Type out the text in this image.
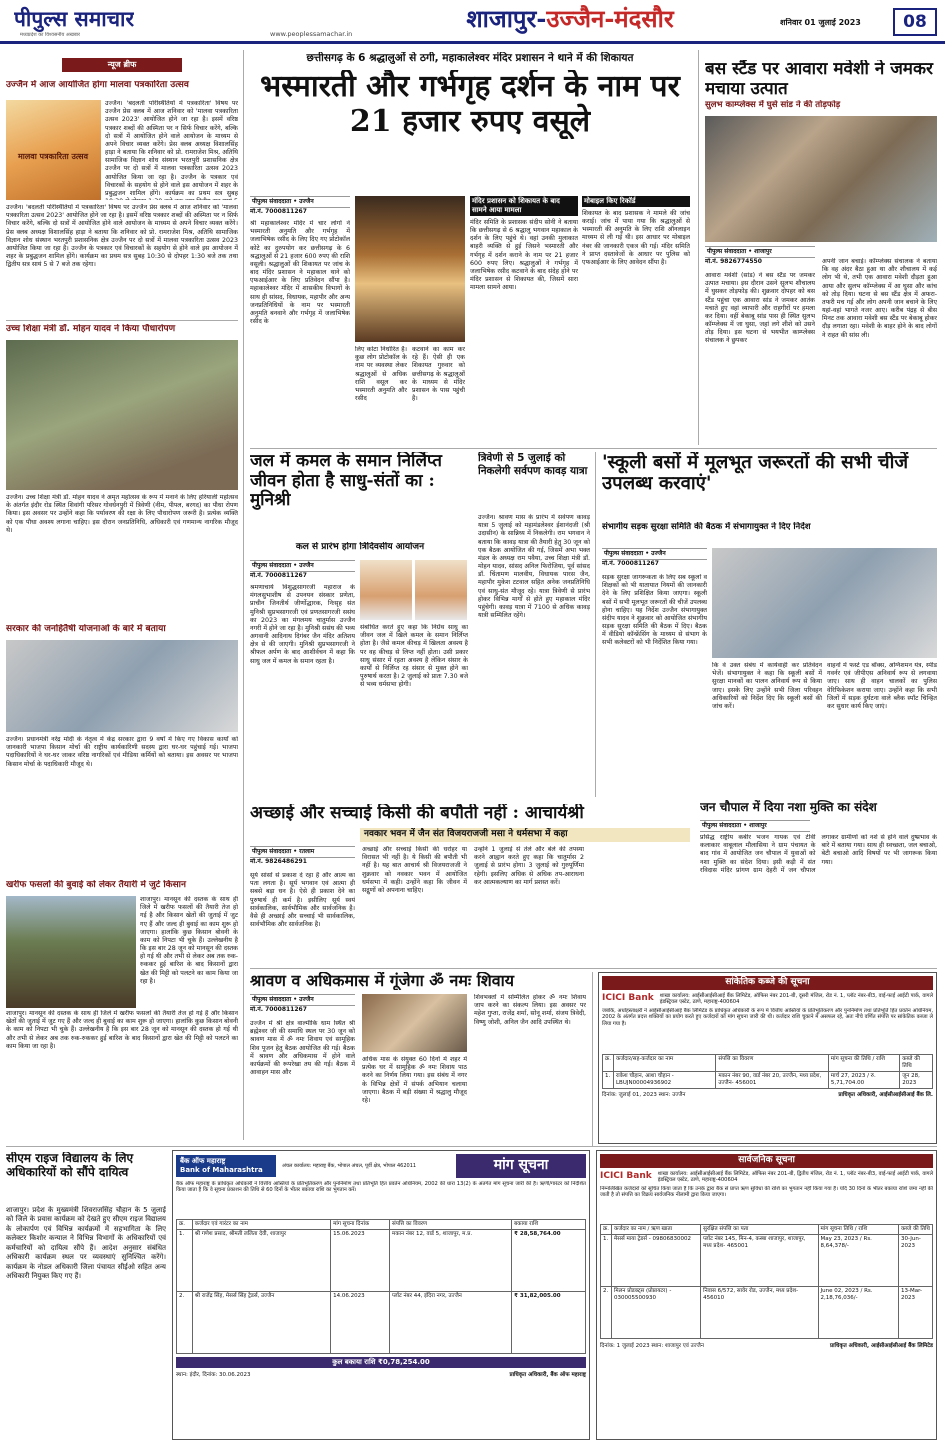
पीपुल्स समाचार
मध्यप्रदेश का विश्वसनीय अखबार	www.peoplessamachar.in
शाजापुर-उज्जैन-मंदसौर	शनिवार 01 जुलाई 2023	08
न्यूज ब्रीफ
उज्जैन में आज आयोजित होगा मालवा पत्रकारिता उत्सव
मालवा पत्रकारिता उत्सव
उज्जैन। 'बदलती परिस्थितियों में पत्रकारिता' विषय पर उज्जैन प्रेस क्लब में आज शनिवार को 'मालवा पत्रकारिता उत्सव 2023' आयोजित होने जा रहा है। इसमें वरिष्ठ पत्रकार शब्दों की अस्मिता पर न सिर्फ विचार करेंगे, बल्कि दो सत्रों में आयोजित होने वाले आयोजन के माध्यम से अपने विचार व्यक्त करेंगे। प्रेस क्लब अध्यक्ष विशालसिंह हाड़ा ने बताया कि शनिवार को प्रो. रामराजेश मिश्र, अतिथि सामाजिक विज्ञान शोध संस्थान भरतपुरी प्रशासनिक क्षेत्र उज्जैन पर दो सत्रों में मालवा पत्रकारिता उत्सव 2023 आयोजित किया जा रहा है। उज्जैन के पत्रकार एवं विचारकों के सहयोग से होने वाले इस आयोजन में शहर के प्रबुद्धजन शामिल होंगे। कार्यक्रम का प्रथम सत्र सुबह
उज्जैन। 'बदलती परिस्थितियों में पत्रकारिता' विषय पर उज्जैन प्रेस क्लब में आज शनिवार को 'मालवा पत्रकारिता उत्सव 2023' आयोजित होने जा रहा है। इसमें वरिष्ठ पत्रकार शब्दों की अस्मिता पर न सिर्फ विचार करेंगे, बल्कि दो सत्रों में आयोजित होने वाले आयोजन के माध्यम से अपने विचार व्यक्त करेंगे। प्रेस क्लब अध्यक्ष विशालसिंह हाड़ा ने बताया कि शनिवार को प्रो. रामराजेश मिश्र, अतिथि सामाजिक विज्ञान शोध संस्थान भरतपुरी प्रशासनिक क्षेत्र उज्जैन पर दो सत्रों में मालवा पत्रकारिता उत्सव 2023 आयोजित किया जा रहा है। उज्जैन के पत्रकार एवं विचारकों के सहयोग से होने वाले इस आयोजन में शहर के प्रबुद्धजन शामिल होंगे। कार्यक्रम का प्रथम सत्र सुबह 10:30 से दोपहर 1:30 बजे तक तथा द्वितीय सत्र सायं 5 से 7 बजे तक रहेगा।
उच्च शिक्षा मंत्री डॉ. मोहन यादव ने किया पौधारोपण
उज्जैन। उच्च शिक्षा मंत्री डॉ. मोहन यादव ने अमृत महोत्सव के रूप में मनाने के लिए हरियाली महोत्सव के अंतर्गत इंदौर रोड स्थित शिवांगी परिसर गोवर्धनपुरी में त्रिवेणी (नीम, पीपल, बरगद) का पौधा रोपण किया। इस अवसर पर उन्होंने कहा कि पर्यावरण की रक्षा के लिए पौधारोपण जरूरी है। प्रत्येक व्यक्ति को एक पौधा अवश्य लगाना चाहिए। इस दौरान जनप्रतिनिधि, अधिकारी एवं गणमान्य नागरिक मौजूद थे।
सरकार की जनहितैषी योजनाओं के बारे में बताया
उज्जैन। प्रधानमंत्री नरेंद्र मोदी के नेतृत्व में केंद्र सरकार द्वारा 9 वर्षों में किए गए विकास कार्यों को जानकारी भाजपा किसान मोर्चा की राष्ट्रीय कार्यकारिणी सदस्य द्वारा घर-घर पहुंचाई गई। भाजपा पदाधिकारियों ने घर-घर जाकर वरिष्ठ नागरिकों एवं मीडिया कर्मियों को बताया। इस अवसर पर भाजपा किसान मोर्चा के पदाधिकारी मौजूद थे।
खरीफ फसलों की बुवाई को लेकर तैयारी में जुटे किसान
शाजापुर। मानसून की दस्तक के साथ ही जिले में खरीफ फसलों की तैयारी तेज हो गई है और किसान खेतों की जुताई में जुट गए हैं और जल्द ही बुवाई का काम शुरू हो जाएगा। हालांकि कुछ किसान बोवनी के काम को निपटा भी चुके हैं। उल्लेखनीय है कि इस बार 28 जून को मानसून की दस्तक हो गई थी और तभी से लेकर अब तक रुक-रुककर हुई बारिश के बाद किसानों द्वारा खेत की मिट्टी को पलटने का काम किया जा रहा है।
शाजापुर। मानसून की दस्तक के साथ ही जिले में खरीफ फसलों की तैयारी तेज हो गई है और किसान खेतों की जुताई में जुट गए हैं और जल्द ही बुवाई का काम शुरू हो जाएगा। हालांकि कुछ किसान बोवनी के काम को निपटा भी चुके हैं। उल्लेखनीय है कि इस बार 28 जून को मानसून की दस्तक हो गई थी और तभी से लेकर अब तक रुक-रुककर हुई बारिश के बाद किसानों द्वारा खेत की मिट्टी को पलटने का काम किया जा रहा है।
छत्तीसगढ़ के 6 श्रद्धालुओं से ठगी, महाकालेश्वर मंदिर प्रशासन ने थाने में की शिकायत
भस्मारती और गर्भगृह दर्शन के नाम पर 21 हजार रुपए वसूले
पीपुल्स संवाददाता • उज्जैन
मो.नं. 7000811267
श्री महाकालेश्वर मंदिर में चार लोगों ने भस्मारती अनुमति और गर्भगृह में जलाभिषेक रसीद के लिए दिए गए प्रोटोकॉल कोटे का दुरुपयोग कर छत्तीसगढ़ के 6 श्रद्धालुओं से 21 हजार 600 रुपए की राशि वसूली। श्रद्धालुओं की शिकायत पर जांच के बाद मंदिर प्रशासन ने महाकाल थाने को एफआईआर के लिए प्रतिवेदन सौंपा है। महाकालेश्वर मंदिर में शासकीय विभागों के साथ ही सांसद, विधायक, महापौर और अन्य जनप्रतिनिधियों के नाम पर भस्मारती अनुमति बनवाने और गर्भगृह में जलाभिषेक रसीद के
लिए कोटा निर्धारित है। कुछ लोग प्रोटोकॉल के नाम पर व्यवस्था लेकर श्रद्धालुओं से अधिक राशि वसूल कर भस्मारती अनुमति और रसीद
कटवाने का काम कर रहे हैं। ऐसी ही एक शिकायत गुरुवार को छत्तीसगढ़ के श्रद्धालुओं के माध्यम से मंदिर प्रशासन के पास पहुंची है।
मंदिर प्रशासन को शिकायत के बाद सामने आया मामला
मंदिर समिति के प्रशासक संदीप सोनी ने बताया कि छत्तीसगढ़ से 6 श्रद्धालु भगवान महाकाल के दर्शन के लिए पहुंचे थे। वहां उनकी मुलाकात बाहरी व्यक्ति से हुई जिसने भस्मारती और गर्भगृह में दर्शन कराने के नाम पर 21 हजार 600 रुपए लिए। श्रद्धालुओं ने गर्भगृह में जलाभिषेक रसीद कटवाने के बाद संदेह होने पर मंदिर प्रशासन से शिकायत की, जिसमें सारा मामला सामने आया।
मोबाइल किए रिकॉर्ड
शिकायत के बाद प्रशासक ने मामले की जांच कराई। जांच में पाया गया कि श्रद्धालुओं से भस्मारती की अनुमति के लिए राशि ऑनलाइन माध्यम से ली गई थी। इस आधार पर मोबाइल नंबर की जानकारी एकत्र की गई। मंदिर समिति ने प्राप्त दस्तावेजों के आधार पर पुलिस को एफआईआर के लिए आवेदन सौंपा है।
बस स्टैंड पर आवारा मवेशी ने जमकर मचाया उत्पात
सुलभ काम्प्लेक्स में घुसे सांड ने की तोड़फोड़
पीपुल्स संवाददाता • शाजापुर
मो.नं. 9826774550
आवारा मवेशी (सांड) ने बस स्टैंड पर जमकर उत्पात मचाया। इस दौरान उसने सुलभ शौचालय में घुसकर तोड़फोड़ की। शुक्रवार दोपहर को बस स्टैंड पहुंचा एक आवारा सांड ने जमकर आतंक मचाते हुए वहां व्यापारी और राहगीरों पर हमला कर दिया। वहीं बेकाबू सांड पास ही स्थित सुलभ कॉम्प्लेक्स में जा घुसा, जहां लगे शीशे को उसने तोड़ दिया। इस घटना से भयभीत काम्प्लेक्स संचालक ने छुपकर
अपनी जान बचाई। कॉम्प्लेक्स संचालक ने बताया कि वह अंदर बैठा हुआ था और शौचालय में कई लोग भी थे, तभी एक आवारा मवेशी दौड़ता हुआ आया और सुलभ कॉम्प्लेक्स में आ घुसा और कांच को तोड़ दिया। घटना से बस स्टैंड क्षेत्र में अफरा-तफरी मच गई और लोग अपनी जान बचाने के लिए यहां-वहां भागते नजर आए। करीब पंद्रह से बीस मिनट तक आवारा मवेशी बस स्टैंड पर बेकाबू होकर दौड़ लगाता रहा। मवेशी के बाहर होने के बाद लोगों ने राहत की सांस ली।
जल में कमल के समान निर्लिप्त जीवन होता है साधु-संतों का : मुनिश्री
कल से प्रारंभ होगा त्रिदिवसीय आयोजन
पीपुल्स संवाददाता • उज्जैन
मो.नं. 7000811267
श्रमणाचार्य विशुद्धसागरजी महाराज के मंगलसुभाशीष से उपनयन संस्कार प्रणेता, प्राचीन जिनतीर्थ जीर्णोद्धारक, निःसृह संत मुनिश्री सुप्रभसागरजी एवं प्रणतसागरजी ससंघ का 2023 का मंगलमय चातुर्मास उज्जैन नगरी में होने जा रहा है। मुनिश्री ससंघ की भव्य अगवानी आदिनाथ दिगंबर जैन मंदिर अतिशय क्षेत्र से की जाएगी। मुनिश्री सुप्रभसागरजी ने श्रीफल अर्पण के बाद आशीर्वचन में कहा कि साधु जल में कमल के समान रहता है।
संबोधित करते हुए कहा कि निर्ग्रंथ साधु का जीवन जल में खिले कमल के समान निर्लिप्त होता है। जैसे कमल कीचड़ में खिलता अवश्य है पर वह कीचड़ से लिप्त नहीं होता। उसी प्रकार साधु संसार में रहता अवश्य है लेकिन संसार के कार्यों से निर्लिप्त रह संसार से मुक्त होने का पुरुषार्थ करता है। 2 जुलाई को प्रातः 7.30 बजे से भव्य धर्मसभा होगी।
त्रिवेणी से 5 जुलाई को निकलेगी सर्वपण कावड़ यात्रा
उज्जैन। श्रावण मास के प्रारंभ में सर्वपण कावड़ यात्रा 5 जुलाई को महामंडलेश्वर ईशानंदजी (श्री उदासीन) के सान्निध्य में निकलेगी। राम भगवान ने बताया कि कावड़ यात्रा की तैयारी हेतु 30 जून को एक बैठक आयोजित की गई, जिसमें अभा भक्त मंडल के अध्यक्ष राम पवैया, उच्च शिक्षा मंत्री डॉ. मोहन यादव, सांसद अनिल फिरोजिया, पूर्व सांसद डॉ. चिंतामण मालवीय, विधायक पारस जैन, महापौर मुकेश टटवाल सहित अनेक जनप्रतिनिधि एवं साधु-संत मौजूद रहे। यात्रा त्रिवेणी से प्रारंभ होकर विभिन्न मार्गों से होते हुए महाकाल मंदिर पहुंचेगी। कावड़ यात्रा में 7100 से अधिक कावड़ यात्री सम्मिलित रहेंगे।
'स्कूली बसों में मूलभूत जरूरतों की सभी चीजें उपलब्ध करवाएं'
संभागीय सड़क सुरक्षा समिति की बैठक में संभागायुक्त ने दिए निर्देश
पीपुल्स संवाददाता • उज्जैन
मो.नं. 7000811267
सड़क सुरक्षा जागरूकता के लिए सब स्कूलों व शिक्षकों को भी यातायात नियमों की जानकारी देने के लिए प्रशिक्षित किया जाएगा। स्कूली बसों में सभी मूलभूत जरूरतों की चीजें उपलब्ध होना चाहिए। यह निर्देश उज्जैन संभागायुक्त संदीप यादव ने शुक्रवार को आयोजित संभागीय सड़क सुरक्षा समिति की बैठक में दिए। बैठक में वीडियो कॉन्फ्रेंसिंग के माध्यम से संभाग के सभी कलेक्टरों को भी निर्देशित किया गया।
कि वे उक्त संबंध में कार्यवाही कर प्रतिवेदन भेजें। संभागायुक्त ने कहा कि स्कूली बसों में सुरक्षा मानकों का पालन अनिवार्य रूप से किया जाए। इसके लिए उन्होंने सभी जिला परिवहन अधिकारियों को निर्देश दिए कि स्कूली बसों की जांच करें।
वाहनों में फर्स्ट एड बॉक्स, अग्निशमन यंत्र, स्पीड गवर्नर एवं जीपीएस अनिवार्य रूप से लगवाया जाए। साथ ही वाहन चालकों का पुलिस वेरिफिकेशन कराया जाए। उन्होंने कहा कि सभी जिलों में सड़क दुर्घटना वाले ब्लैक स्पॉट चिन्हित कर सुधार कार्य किए जाएं।
जन चौपाल में दिया नशा मुक्ति का संदेश
पीपुल्स संवाददाता • शाजापुर
प्रसिद्ध राष्ट्रीय कबीर भजन गायक एवं टीवी कलाकार वाबूलाल मौलासिया ने ग्राम पंचायत के बाद गांव में आयोजित जन चौपाल में युवाओं को नशा मुक्ति का संदेश दिया। इसी कड़ी में संत रविदास मंदिर प्रांगण ग्राम देहरी में जन चौपाल लगाकर ग्रामीणों को नशे से होने वाले दुष्प्रभाव के बारे में बताया गया। साथ ही स्वच्छता, जल बचाओ, बेटी बचाओ आदि विषयों पर भी जागरूक किया गया।
अच्छाई और सच्चाई किसी की बपौती नहीं : आचार्यश्री
नवकार भवन में जैन संत विजयराजजी मसा ने धर्मसभा में कहा
पीपुल्स संवाददाता • रतलाम
मो.नं. 9826486291
सूर्य सांसों से प्रकाश दे रहा है और आत्म का पता लगता है। सूर्य भगवान एवं आत्मा ही सबसे बड़ा धन है। ऐसे ही प्रकाश देने का पुरुषार्थ ही कर्म है। इसीलिए सूर्य स्वयं सार्वकालिक, सार्वभौमिक और सार्वजनिक है। वैसे ही अच्छाई और सच्चाई भी सार्वकालिक, सार्वभौमिक और सार्वजनिक है।
अच्छाई और सच्चाई किसी की धरोहर या विरासत भी नहीं है। ये किसी की बपौती भी नहीं है। यह बात आचार्य श्री विजयराजजी ने शुक्रवार को नवकार भवन में आयोजित धर्मसभा में कही। उन्होंने कहा कि जीवन में सद्गुणों को अपनाना चाहिए।
उन्होंने 1 जुलाई से तेले और बेले की तपस्या करने आह्वान करते हुए कहा कि चातुर्मास 2 जुलाई से प्रारंभ होगा। 3 जुलाई को गुरुपूर्णिमा रहेगी। इसलिए अधिक से अधिक तप-आराधना कर आत्मकल्याण का मार्ग प्रशस्त करें।
श्रावण व अधिकमास में गूंजेगा ॐ नमः शिवाय
पीपुल्स संवाददाता • उज्जैन
मो.नं. 7000811267
उज्जैन में श्री क्षेत्र वाल्मीकि धाम स्थित श्री ब्रह्मेश्वर जी की समाधि स्थल पर 30 जून को श्रावण मास में ॐ नमः शिवाय एवं सामूहिक शिव पूजन हेतु बैठक आयोजित की गई। बैठक में श्रावण और अधिकमास में होने वाले कार्यक्रमों की रूपरेखा तय की गई। बैठक में आवाहन मास और
अधिक मास के संयुक्त 60 दिनों में शहर में प्रत्येक घर में सामूहिक ॐ नमः शिवाय पाठ करने का निर्णय लिया गया। इस संबंध में नगर के विभिन्न क्षेत्रों में संपर्क अभियान चलाया जाएगा। बैठक में बड़ी संख्या में श्रद्धालु मौजूद रहे।
शिवभक्तों में सम्मिलित होकर ॐ नमः शिवाय जाप करने का संकल्प लिया। इस अवसर पर महेश गुप्ता, राजेंद्र शर्मा, सोनू शर्मा, संजय त्रिवेदी, विष्णु जोशी, अनिल जैन आदि उपस्थित थे।
सांकेतिक कब्जे की सूचना
ICICI Bank शाखा कार्यालय: आईसीआईसीआई बैंक लिमिटेड, ऑफिस नंबर 201-बी, दूसरी मंजिल, रोड नं. 1, प्लॉट नंबर-बी3, वाई-फाई आईटी पार्क, वागले इंडस्ट्रियल एस्टेट, ठाणे, महाराष्ट्र-400604
जबकि, अधोहस्ताक्षरी ने आईसीआईसीआई बैंक लिमिटेड के प्राधिकृत अधिकारी के रूप में वित्तीय आस्तियों के प्रतिभूतिकरण और पुनर्निर्माण तथा प्रतिभूति हित प्रवर्तन अधिनियम, 2002 के अंतर्गत प्रदत्त शक्तियों का प्रयोग करते हुए कर्जदारों को मांग सूचना जारी की थी। कर्जदार राशि चुकाने में असफल रहे, अतः नीचे वर्णित संपत्ति पर सांकेतिक कब्जा ले लिया गया है।
क्र.	कर्जदार/सह-कर्जदार का नाम	संपत्ति का विवरण	मांग सूचना की तिथि / राशि	कब्जे की तिथि
1.	राकेश चौहान, आशा चौहान - LBUJN00004936902	मकान नंबर 90, वार्ड नंबर 20, उज्जैन, मध्य प्रदेश, उज्जैन- 456001	मार्च 27, 2023 / रु. 5,71,704.00	जून 28, 2023
दिनांक: जुलाई 01, 2023 स्थान: उज्जैन	प्राधिकृत अधिकारी, आईसीआईसीआई बैंक लि.
सीएम राइज विद्यालय के लिए अधिकारियों को सौंपे दायित्व
शाजापुर। प्रदेश के मुख्यमंत्री शिवराजसिंह चौहान के 5 जुलाई को जिले के प्रवास कार्यक्रम को देखते हुए सीएम राइज विद्यालय के लोकार्पण एवं विभिन्न कार्यक्रमों में सहभागिता के लिए कलेक्टर किशोर कन्याल ने विभिन्न विभागों के अधिकारियों एवं कर्मचारियों को दायित्व सौंपे हैं। आदेश अनुसार संबंधित अधिकारी कार्यक्रम स्थल पर व्यवस्थाएं सुनिश्चित करेंगे। कार्यक्रम के नोडल अधिकारी जिला पंचायत सीईओ सहित अन्य अधिकारी नियुक्त किए गए हैं।
बैंक ऑफ महाराष्ट्र
Bank of Maharashtra
अंचल कार्यालय: महाराष्ट्र बैंक, भोपाल अंचल, पूर्वी क्षेत्र, भोपाल 462011	मांग सूचना
बैंक ऑफ महाराष्ट्र के प्राधिकृत अधिकारी ने वित्तीय आस्तियों के प्रतिभूतिकरण और पुनर्निर्माण तथा प्रतिभूति हित प्रवर्तन अधिनियम, 2002 की धारा 13(2) के अंतर्गत मांग सूचना जारी की है। ऋणी/गारंटर को निर्देशित किया जाता है कि वे सूचना प्रकाशन की तिथि से 60 दिनों के भीतर बकाया राशि का भुगतान करें।
क्र.	कर्जदार एवं गारंटर का नाम	मांग सूचना दिनांक	संपत्ति का विवरण	बकाया राशि
1.	श्री गणेश प्रसाद, श्रीमती ललिता देवी, शाजापुर	15.06.2023	मकान नंबर 12, वार्ड 5, शाजापुर, म.प्र.	₹ 28,58,764.00
2.	श्री राजेंद्र सिंह, मेसर्स सिंह ट्रेडर्स, उज्जैन	14.06.2023	प्लॉट नंबर 44, इंदिरा नगर, उज्जैन	₹ 31,82,005.00
कुल बकाया राशि ₹0,78,254.00
स्थान: इंदौर, दिनांक: 30.06.2023	प्राधिकृत अधिकारी, बैंक ऑफ महाराष्ट्र
सार्वजनिक सूचना
ICICI Bank शाखा कार्यालय: आईसीआईसीआई बैंक लिमिटेड, ऑफिस नंबर 201-बी, द्वितीय मंजिल, रोड नं. 1, प्लॉट नंबर-बी3, वाई-फाई आईटी पार्क, वागले इंडस्ट्रियल एस्टेट, ठाणे, महाराष्ट्र-400604
निम्नलिखित कर्जदारों को सूचित किया जाता है कि उनके द्वारा बैंक से प्राप्त ऋण सुविधा की राशि का भुगतान नहीं किया गया है। यदि 30 दिनों के भीतर बकाया राशि जमा नहीं की जाती है तो संपत्ति का विक्रय सार्वजनिक नीलामी द्वारा किया जाएगा।
क्र.	कर्जदार का नाम / ऋण खाता	सुरक्षित संपत्ति का पता	मांग सूचना तिथि / राशि	कब्जे की तिथि
1.	मेसर्स माया ट्रेडर्स - 09806830002	प्लॉट नंबर 145, मिन-4, कस्बा शाजापुर, शाजापुर, मध्य प्रदेश- 465001	May 23, 2023 / Rs. 8,64,378/-	30-Jun-2023
2.	मिलन प्रोडक्ट्स (प्रोप्रायटर) - 030005500930	निवास 6/572, सावेर रोड, उज्जैन, मध्य प्रदेश- 456010	June 02, 2023 / Rs. 2,18,76,036/-	13-Mar-2023
दिनांक: 1 जुलाई 2023 स्थान: शाजापुर एवं उज्जैन	प्राधिकृत अधिकारी, आईसीआईसीआई बैंक लिमिटेड
